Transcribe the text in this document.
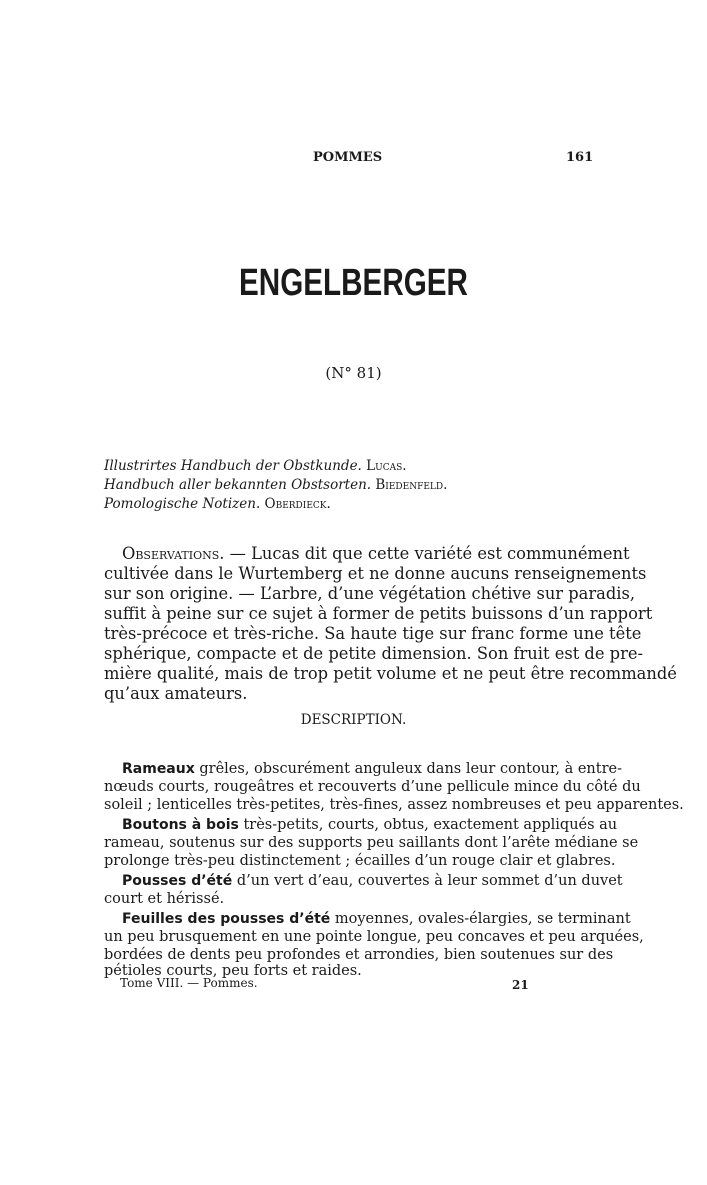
POMMES	161
ENGELBERGER
(N° 81)
Illustrirtes Handbuch der Obstkunde. Lucas.
Handbuch aller bekannten Obstsorten. Biedenfeld.
Pomologische Notizen. Oberdieck.
Observations. — Lucas dit que cette variété est communément
cultivée dans le Wurtemberg et ne donne aucuns renseignements
sur son origine. — L’arbre, d’une végétation chétive sur paradis,
suffit à peine sur ce sujet à former de petits buissons d’un rapport
très-précoce et très-riche. Sa haute tige sur franc forme une tête
sphérique, compacte et de petite dimension. Son fruit est de pre-
mière qualité, mais de trop petit volume et ne peut être recommandé
qu’aux amateurs.
DESCRIPTION.
Rameaux grêles, obscurément anguleux dans leur contour, à entre-
nœuds courts, rougeâtres et recouverts d’une pellicule mince du côté du
soleil ; lenticelles très-petites, très-fines, assez nombreuses et peu apparentes.
Boutons à bois très-petits, courts, obtus, exactement appliqués au
rameau, soutenus sur des supports peu saillants dont l’arête médiane se
prolonge très-peu distinctement ; écailles d’un rouge clair et glabres.
Pousses d’été d’un vert d’eau, couvertes à leur sommet d’un duvet
court et hérissé.
Feuilles des pousses d’été moyennes, ovales-élargies, se terminant
un peu brusquement en une pointe longue, peu concaves et peu arquées,
bordées de dents peu profondes et arrondies, bien soutenues sur des
pétioles courts, peu forts et raides.
Tome VIII. — Pommes.	21
